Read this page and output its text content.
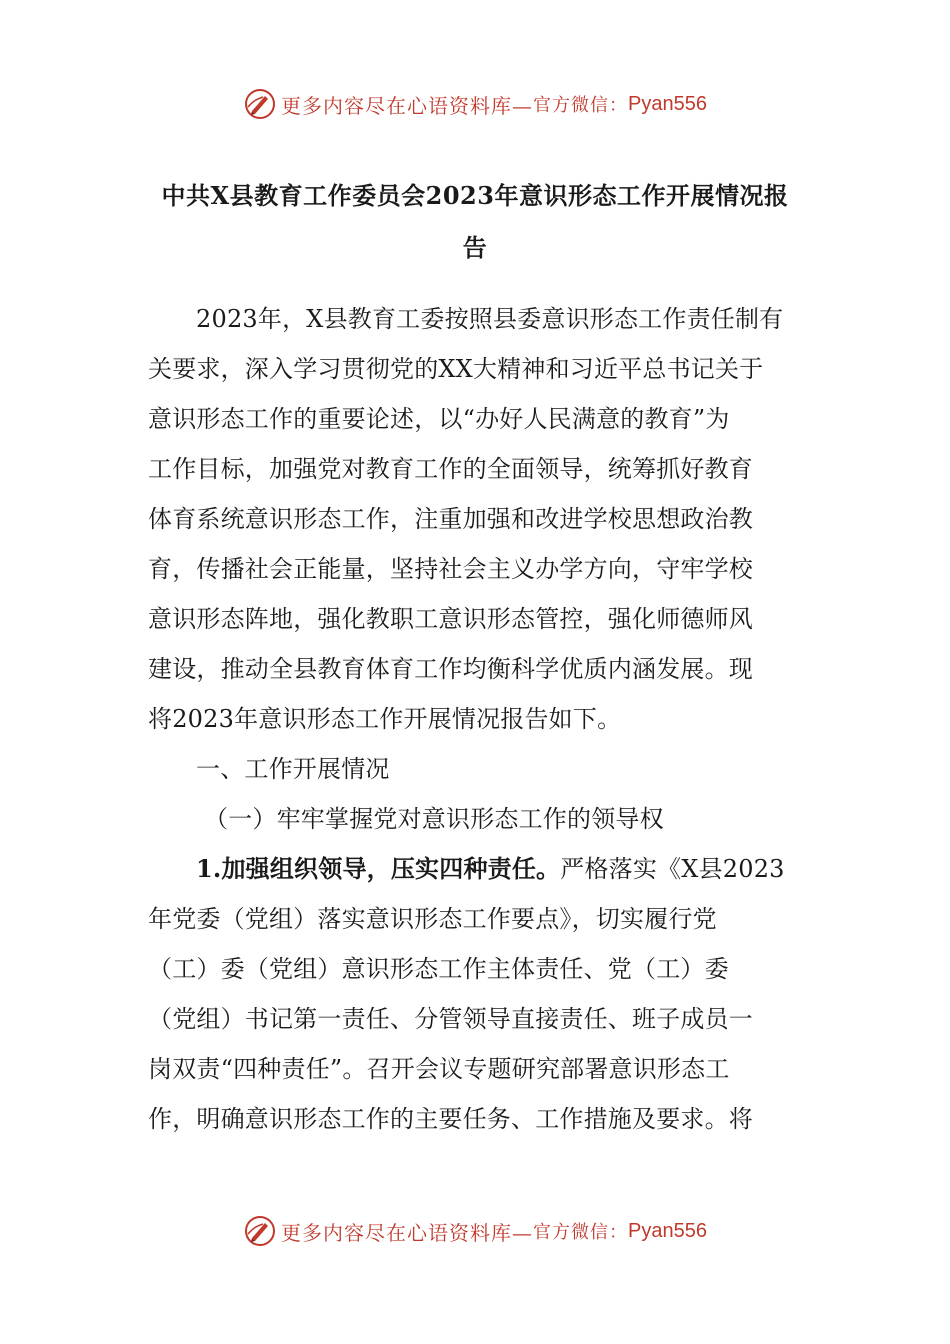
更多内容尽在心语资料库— 官方微信： Pyan556
中共X县教育工作委员会2023年意识形态工作开展情况报
告
2023年，X县教育工委按照县委意识形态工作责任制有
关要求，深入学习贯彻党的XX大精神和习近平总书记关于
意识形态工作的重要论述，以“办好人民满意的教育”为
工作目标，加强党对教育工作的全面领导，统筹抓好教育
体育系统意识形态工作，注重加强和改进学校思想政治教
育，传播社会正能量，坚持社会主义办学方向，守牢学校
意识形态阵地，强化教职工意识形态管控，强化师德师风
建设，推动全县教育体育工作均衡科学优质内涵发展。现
将2023年意识形态工作开展情况报告如下。
一、工作开展情况
（一）牢牢掌握党对意识形态工作的领导权
1.加强组织领导，压实四种责任。严格落实《X县2023
年党委（党组）落实意识形态工作要点》，切实履行党
（工）委（党组）意识形态工作主体责任、党（工）委
（党组）书记第一责任、分管领导直接责任、班子成员一
岗双责“四种责任”。召开会议专题研究部署意识形态工
作，明确意识形态工作的主要任务、工作措施及要求。将
更多内容尽在心语资料库— 官方微信： Pyan556
